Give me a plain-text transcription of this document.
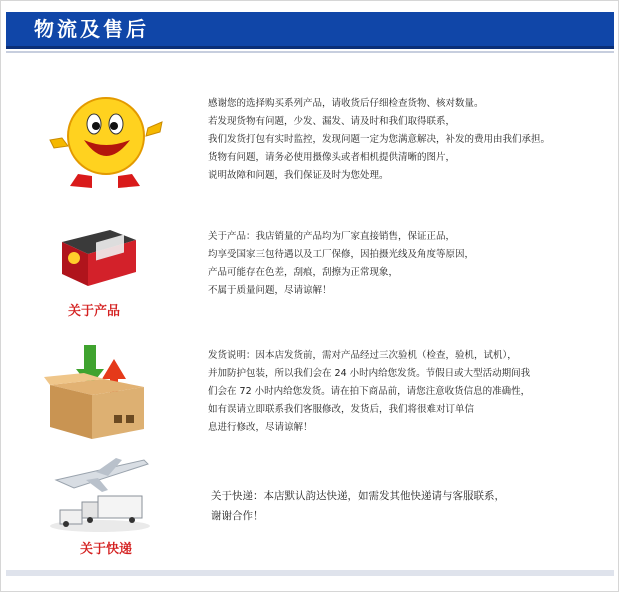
物流及售后
感谢您的选择购买系列产品，请收货后仔细检查货物、核对数量。
若发现货物有问题，少发、漏发、请及时和我们取得联系，
我们发货打包有实时监控，发现问题一定为您满意解决，补发的费用由我们承担。
货物有问题，请务必使用摄像头或者相机提供清晰的图片，
说明故障和问题，我们保证及时为您处理。
关于产品
关于产品：我店销量的产品均为厂家直接销售，保证正品，
均享受国家三包待遇以及工厂保修，因拍摄光线及角度等原因，
产品可能存在色差，刮痕，刮擦为正常现象，
不属于质量问题，尽请谅解！
发货说明：因本店发货前，需对产品经过三次验机（检查，验机，试机），
并加防护包装，所以我们会在 24 小时内给您发货。节假日或大型活动期间我
们会在 72 小时内给您发货。请在拍下商品前，请您注意收货信息的准确性，
如有误请立即联系我们客服修改，发货后，我们将很难对订单信
息进行修改，尽请谅解！
关于快递
关于快递：本店默认韵达快递，如需发其他快递请与客服联系，
谢谢合作！
